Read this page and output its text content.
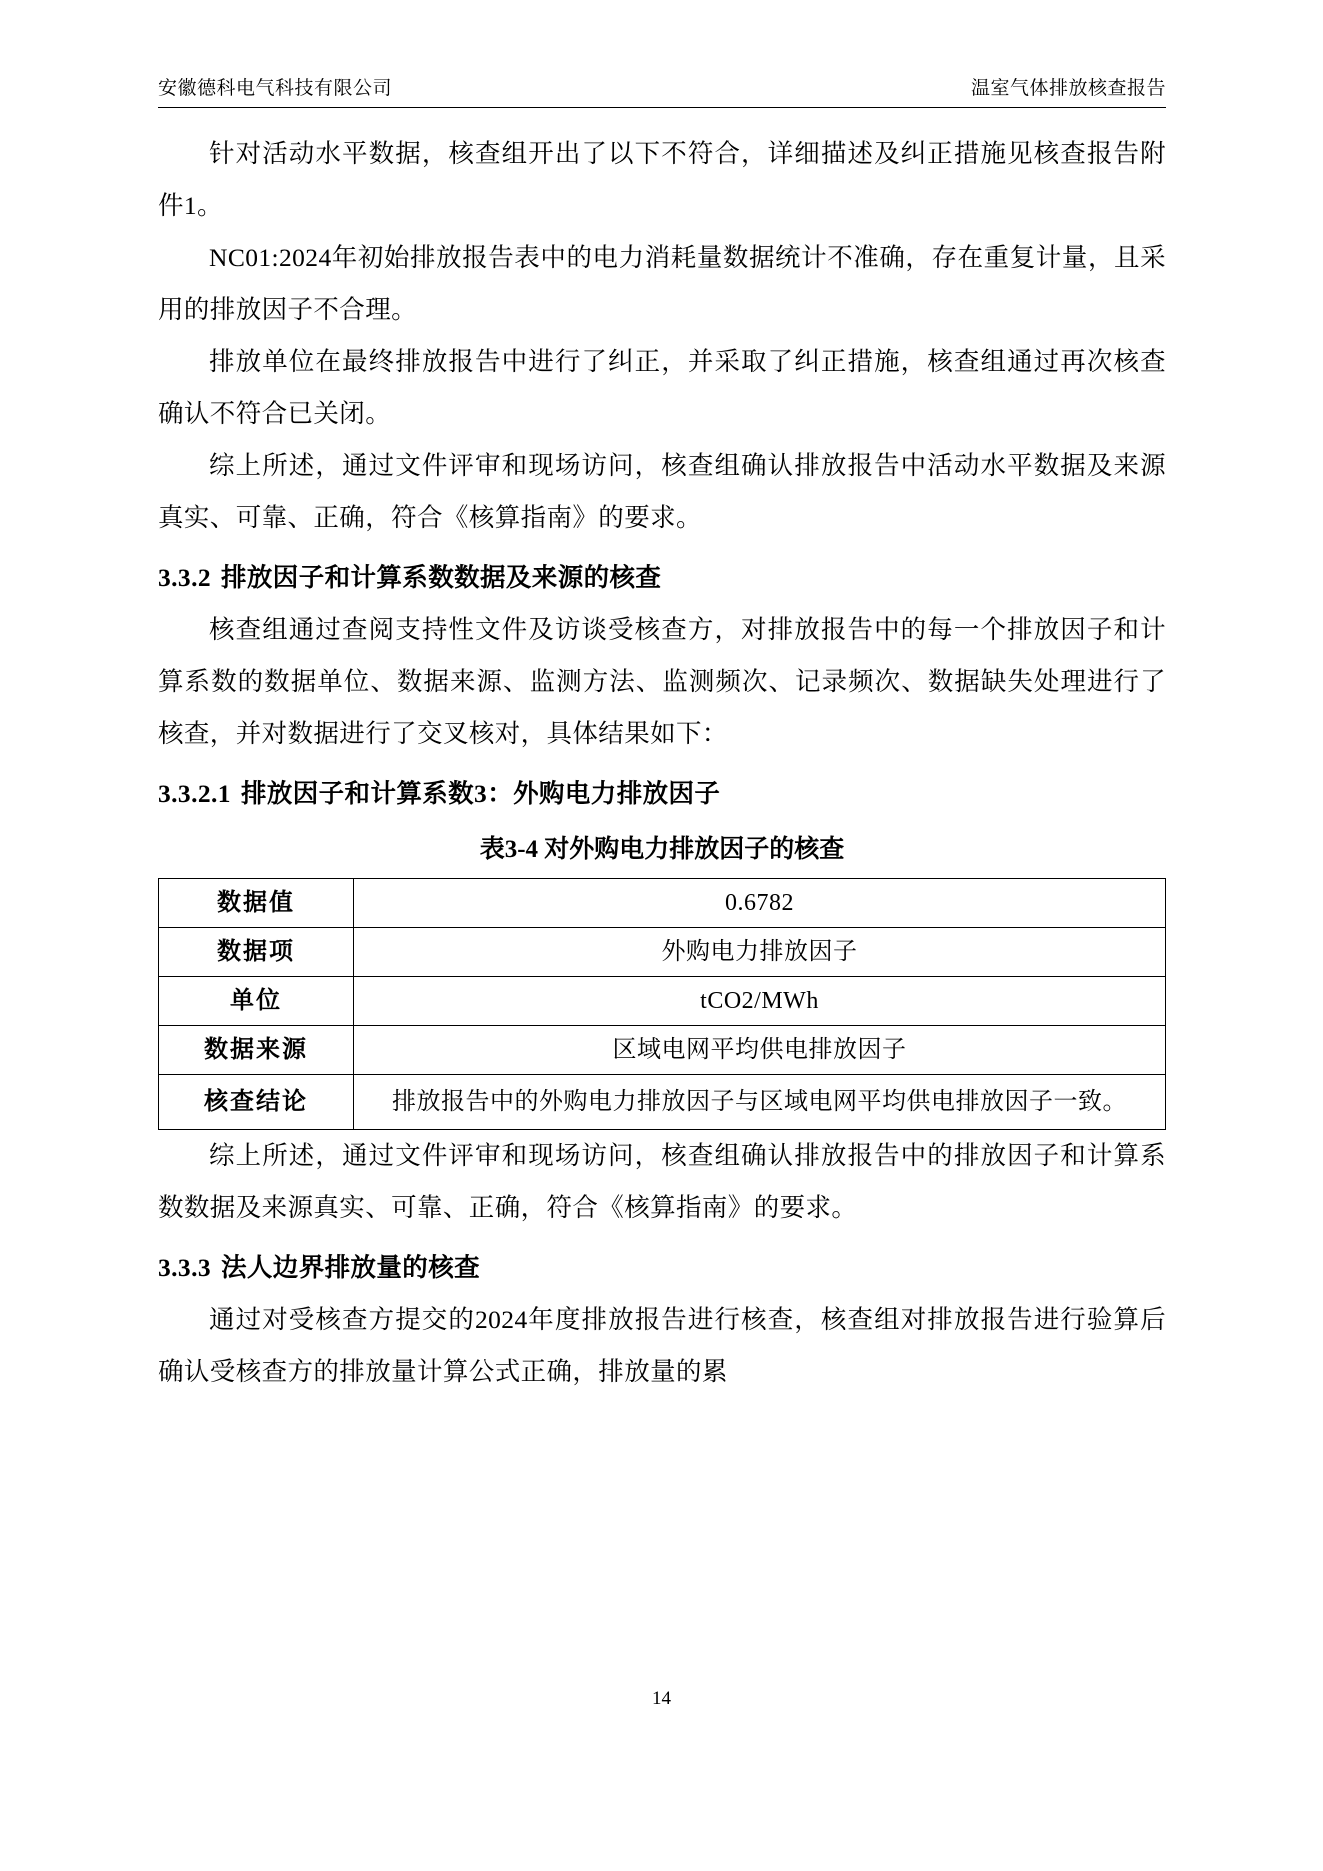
安徽德科电气科技有限公司	温室气体排放核查报告

针对活动水平数据，核查组开出了以下不符合，详细描述及纠正措施见核查报告附件1。

NC01:2024年初始排放报告表中的电力消耗量数据统计不准确，存在重复计量，且采用的排放因子不合理。

排放单位在最终排放报告中进行了纠正，并采取了纠正措施，核查组通过再次核查确认不符合已关闭。

综上所述，通过文件评审和现场访问，核查组确认排放报告中活动水平数据及来源真实、可靠、正确，符合《核算指南》的要求。

3.3.2 排放因子和计算系数数据及来源的核查

核查组通过查阅支持性文件及访谈受核查方，对排放报告中的每一个排放因子和计算系数的数据单位、数据来源、监测方法、监测频次、记录频次、数据缺失处理进行了核查，并对数据进行了交叉核对，具体结果如下：

3.3.2.1 排放因子和计算系数3：外购电力排放因子
表3-4 对外购电力排放因子的核查
数据值	0.6782
数据项	外购电力排放因子
单位	tCO2/MWh
数据来源	区域电网平均供电排放因子
核查结论	排放报告中的外购电力排放因子与区域电网平均供电排放因子一致。

综上所述，通过文件评审和现场访问，核查组确认排放报告中的排放因子和计算系数数据及来源真实、可靠、正确，符合《核算指南》的要求。

3.3.3 法人边界排放量的核查

通过对受核查方提交的2024年度排放报告进行核查，核查组对排放报告进行验算后确认受核查方的排放量计算公式正确，排放量的累

14
